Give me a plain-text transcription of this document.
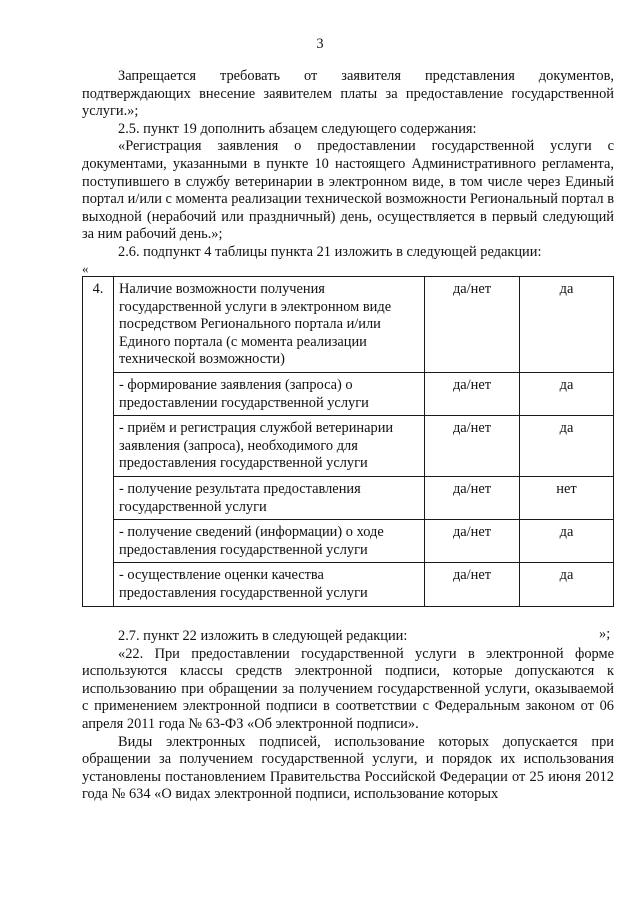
3

Запрещается требовать от заявителя представления документов, подтверждающих внесение заявителем платы за предоставление государственной услуги.»;

2.5. пункт 19 дополнить абзацем следующего содержания:

«Регистрация заявления о предоставлении государственной услуги с документами, указанными в пункте 10 настоящего Административного регламента, поступившего в службу ветеринарии в электронном виде, в том числе через Единый портал и/или с момента реализации технической возможности Региональный портал в выходной (нерабочий или праздничный) день, осуществляется в первый следующий за ним рабочий день.»;

2.6. подпункт 4 таблицы пункта 21 изложить в следующей редакции:

«
4.	Наличие возможности получения государственной услуги в электронном виде посредством Регионального портала и/или Единого портала (с момента реализации технической возможности)	да/нет	да
	- формирование заявления (запроса) о предоставлении государственной услуги	да/нет	да
	- приём и регистрация службой ветеринарии заявления (запроса), необходимого для предоставления государственной услуги	да/нет	да
	- получение результата предоставления государственной услуги	да/нет	нет
	- получение сведений (информации) о ходе предоставления государственной услуги	да/нет	да
	- осуществление оценки качества предоставления государственной услуги	да/нет	да
»;

2.7. пункт 22 изложить в следующей редакции:

«22. При предоставлении государственной услуги в электронной форме используются классы средств электронной подписи, которые допускаются к использованию при обращении за получением государственной услуги, оказываемой с применением электронной подписи в соответствии с Федеральным законом от 06 апреля 2011 года № 63-ФЗ «Об электронной подписи».

Виды электронных подписей, использование которых допускается при обращении за получением государственной услуги, и порядок их использования установлены постановлением Правительства Российской Федерации от 25 июня 2012 года № 634 «О видах электронной подписи, использование которых
